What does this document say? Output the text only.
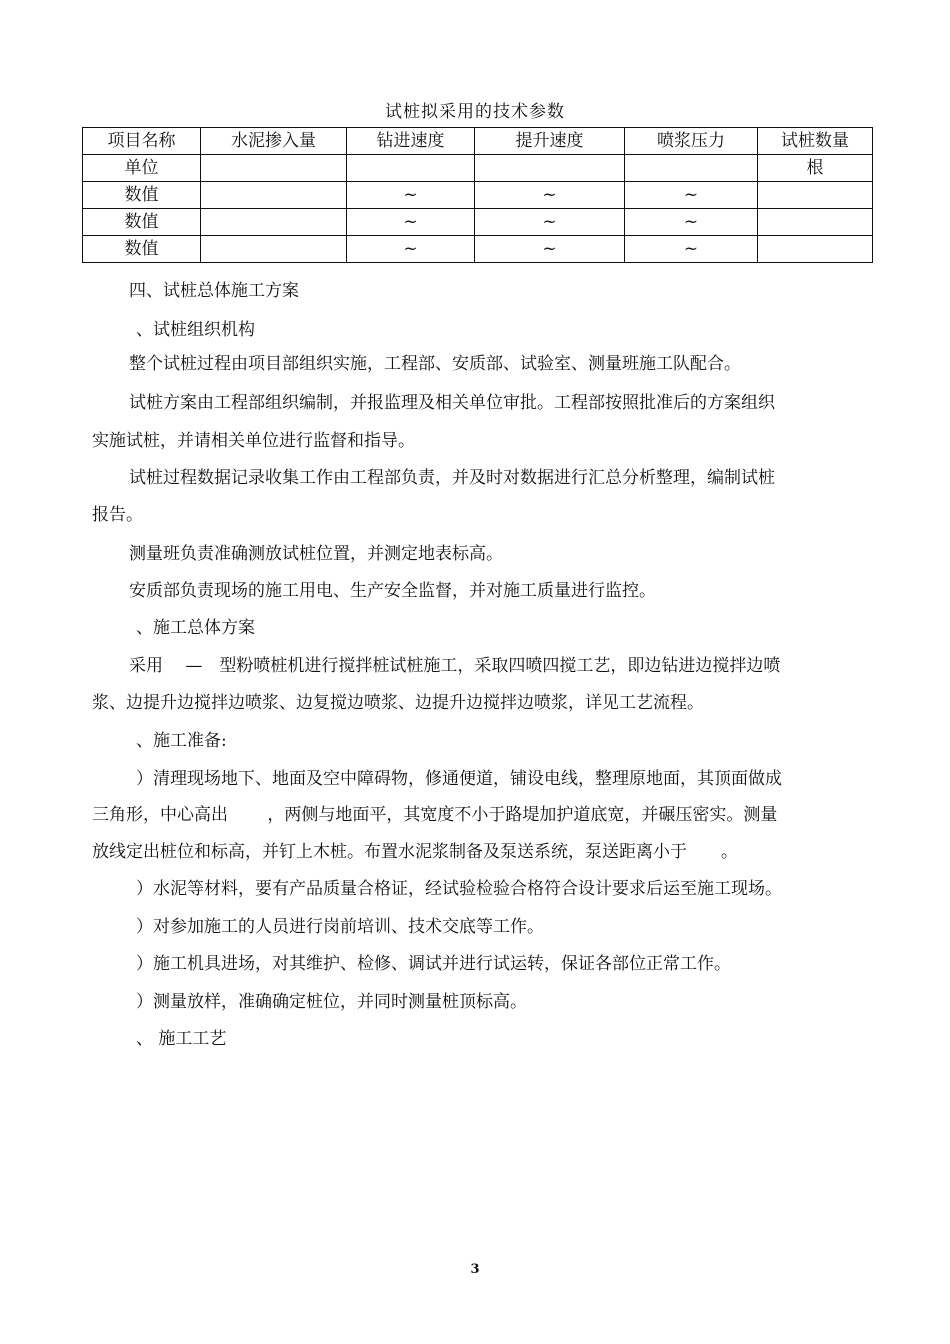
试桩拟采用的技术参数
项目名称	水泥掺入量	钻进速度	提升速度	喷浆压力	试桩数量
单位					根
数值		~	~	~	
数值		~	~	~	
数值		~	~	~	
四、试桩总体施工方案
、试桩组织机构
整个试桩过程由项目部组织实施，工程部、安质部、试验室、测量班施工队配合。
试桩方案由工程部组织编制，并报监理及相关单位审批。工程部按照批准后的方案组织
实施试桩，并请相关单位进行监督和指导。
试桩过程数据记录收集工作由工程部负责，并及时对数据进行汇总分析整理，编制试桩
报告。
测量班负责准确测放试桩位置，并测定地表标高。
安质部负责现场的施工用电、生产安全监督，并对施工质量进行监控。
、施工总体方案
采用　 —　型粉喷桩机进行搅拌桩试桩施工，采取四喷四搅工艺，即边钻进边搅拌边喷
浆、边提升边搅拌边喷浆、边复搅边喷浆、边提升边搅拌边喷浆，详见工艺流程。
、施工准备:
）清理现场地下、地面及空中障碍物，修通便道，铺设电线，整理原地面，其顶面做成
三角形，中心高出　　 ，两侧与地面平，其宽度不小于路堤加护道底宽，并碾压密实。测量
放线定出桩位和标高，并钉上木桩。布置水泥浆制备及泵送系统，泵送距离小于　　。
）水泥等材料，要有产品质量合格证，经试验检验合格符合设计要求后运至施工现场。
）对参加施工的人员进行岗前培训、技术交底等工作。
）施工机具进场，对其维护、检修、调试并进行试运转，保证各部位正常工作。
）测量放样，准确确定桩位，并同时测量桩顶标高。
、 施工工艺
3
